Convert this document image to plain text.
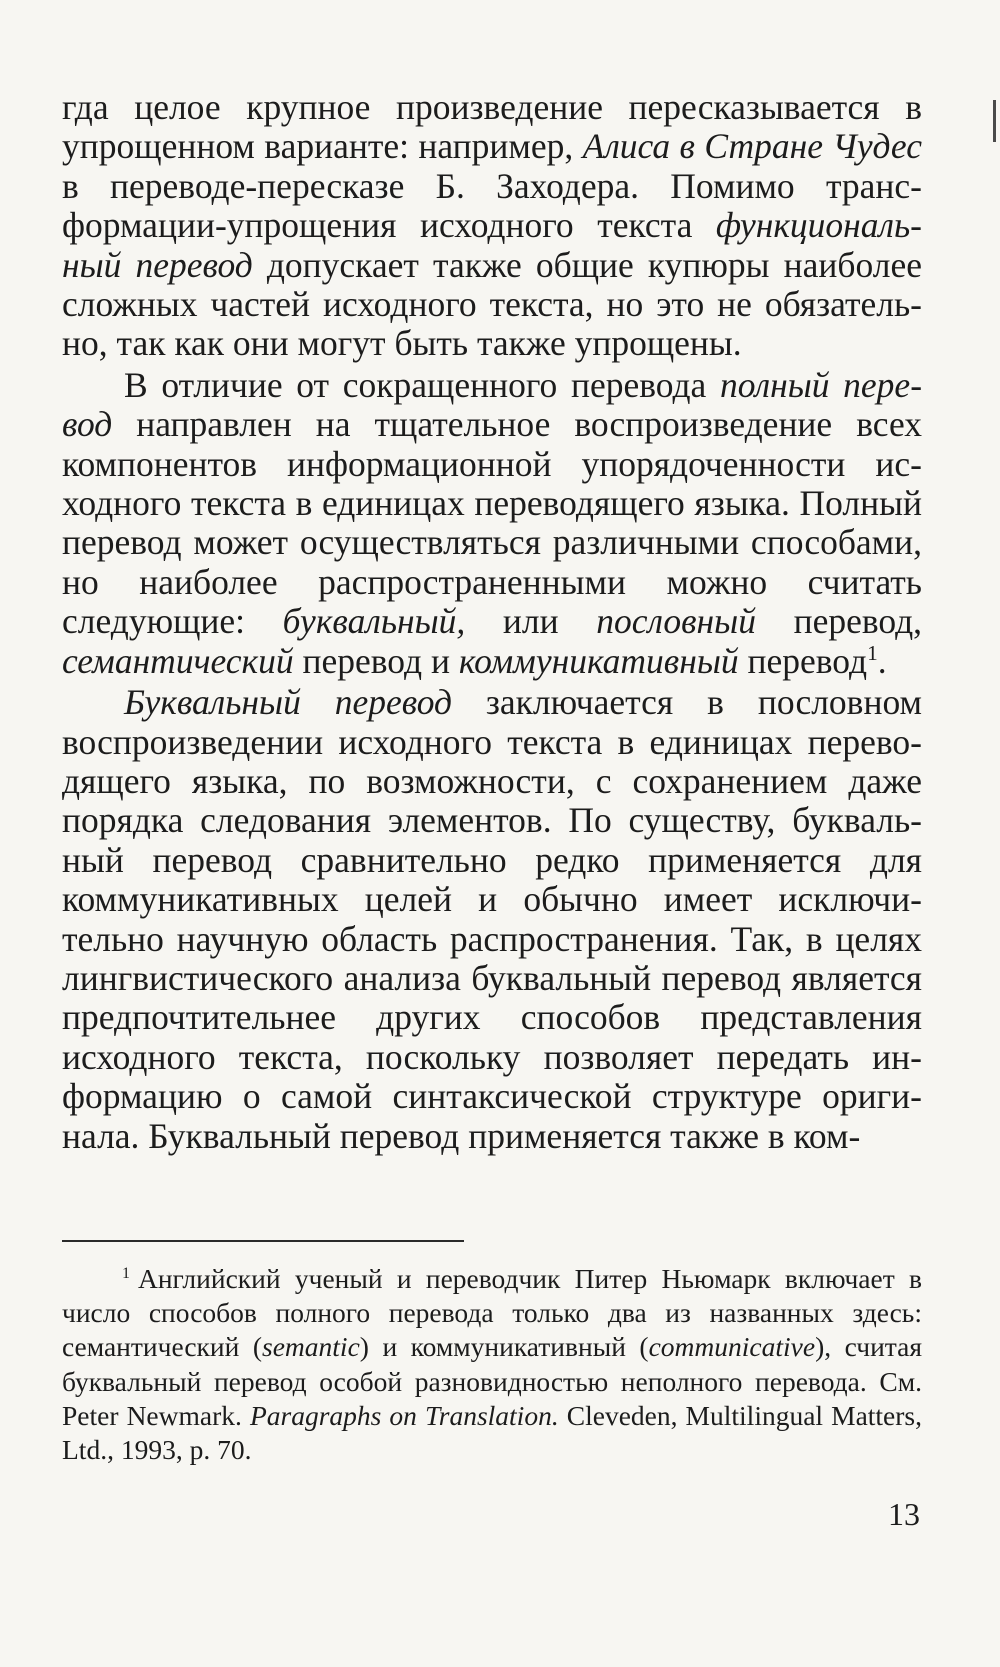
гда целое крупное произведение пересказывается в упрощенном варианте: например, Алиса в Стране Чудес в переводе-пересказе Б. Заходера. Помимо трансформации-упрощения исходного текста функциональный перевод допускает также общие купюры наиболее сложных частей исходного текста, но это не обязательно, так как они могут быть также упрощены.

В отличие от сокращенного перевода полный перевод направлен на тщательное воспроизведение всех компонентов информационной упорядоченности исходного текста в единицах переводящего языка. Полный перевод может осуществляться различными способами, но наиболее распространенными можно считать следующие: буквальный, или пословный перевод, семантический перевод и коммуникативный перевод$^1$.

Буквальный перевод заключается в пословном воспроизведении исходного текста в единицах переводящего языка, по возможности, с сохранением даже порядка следования элементов. По существу, буквальный перевод сравнительно редко применяется для коммуникативных целей и обычно имеет исключительно научную область распространения. Так, в целях лингвистического анализа буквальный перевод является предпочтительнее других способов представления исходного текста, поскольку позволяет передать информацию о самой синтаксической структуре оригинала. Буквальный перевод применяется также в ком-

$^1$ Английский ученый и переводчик Питер Ньюмарк включает в число способов полного перевода только два из названных здесь: семантический (semantic) и коммуникативный (communicative), считая буквальный перевод особой разновидностью неполного перевода. См. Peter Newmark. Paragraphs on Translation. Cleveden, Multilingual Matters, Ltd., 1993, p. 70.

13
